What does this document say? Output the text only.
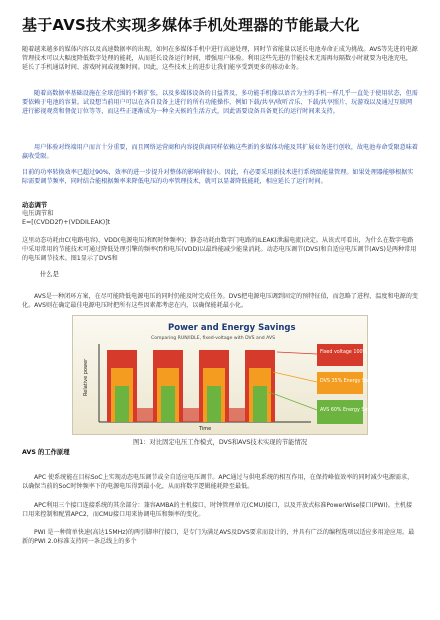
基于AVS技术实现多媒体手机处理器的节能最大化
随着越来越多的媒体内容以及高速数据率的出现，如何在多媒体手机中进行高速处理，同时节省能量以延长电池寿命正成为挑战。AVS等先进的电源管理技术可以大幅度降低数字处理的能耗，从而延长设备运行时间，增强用户体验。利用这些先进的节能技术无需再每隔数小时就要为电池充电，延长了手机通话时间、游戏时间或视频时间。因此，这些技术上的进步让我们能享受到更多的移动业务。
随着高数据率基础设施在全球范围的不断扩张，以及多媒体设备的日益普及，多功能手机像以语音为主的手机一样几乎一直处于使用状态，但需要依赖于电池的容量。试设想当前用户可以在各自设备上进行的所有功能操作，例如下载/共享/收听音乐、下载/共享照片、玩游戏以及通过互联网进行影视观赏和督促订位等等，而这些正逐渐成为一种全天候的生活方式，因此需要设备具备更长的运行时间来支持。
用户体验对终端用户而言十分重要，而且网络运营商和内容提供商同样依赖这些新的多媒体功能及其扩展业务进行创收，故电池寿命受限意味着赢收受限。
目前的功率转换效率已超过90%，效率的进一步提升对整体的影响将很小。因此，有必要采用新技术进行系统级能量管理。如果处理器能够根据实际需要调节频率，同时结合能根据频率来降低电压的功率管理技术，就可以显著降低能耗，相应延长了运行时间。
动态调节
电压调节和
E=[(CVDD2f)+(VDDILEAK)]t
这里动态功耗由C(电路电容)、VDD(电源电压)和f(时钟频率)；静态功耗由数字门电路的ILEAK(泄漏电流)决定。从该式可看出，为什么在数字电路中采用常用的节能技术可通过降低处理引擎的频率(f)和电压(VDD)以最终能减少能量消耗。动态电压调节(DVS)和自适应电压调节(AVS)是两种常用的电压调节技术。图1显示了DVS和
什么是
AVS是一种闭环方案，在尽可能降低电源电压的同时仍能及时完成任务。DVS把电源电压调到固定的预特征值，而忽略了进程、温度和电源的变化。AVS则在确定最佳电源电压时把所有这些因素都考虑在内，以确保能耗最小化。
Power and Energy Savings
Comparing RUN/IDLE, fixed-voltage with DVS and AVS
Relative power
Time
Fixed voltage 100% Energy
DVS 35% Energy Saved
AVS 60% Energy Saved
图1：对比固定电压工作模式，DVS和AVS技术实现的节能情况
AVS 的工作原理
APC 使系统能在目标SoC上实现动态电压调节或全自适应电压调节。APC通过与供电系统的相互作用，在保持峰值效率的同时减少电源需求，以确保当前的SoC时钟频率下的电源电压得到最小化，从而将数字逻辑能耗降至最低。
APC利用三个接口连接系统的其余部分：兼容AMBA的主机接口，时钟管理单元(CMU)接口，以及开放式标准PowerWise接口(PWI)。主机接口用来控制和配置APC2，而CMU接口用来协调电压和频率的变化。
PWI 是一种简单快速(高达15MHz)的两引脚串行接口，是专门为满足AVS及DVS要求而设计的，并具有广泛的编程选项以适应多用途应用。最新的PWI 2.0标准支持同一条总线上的多个
